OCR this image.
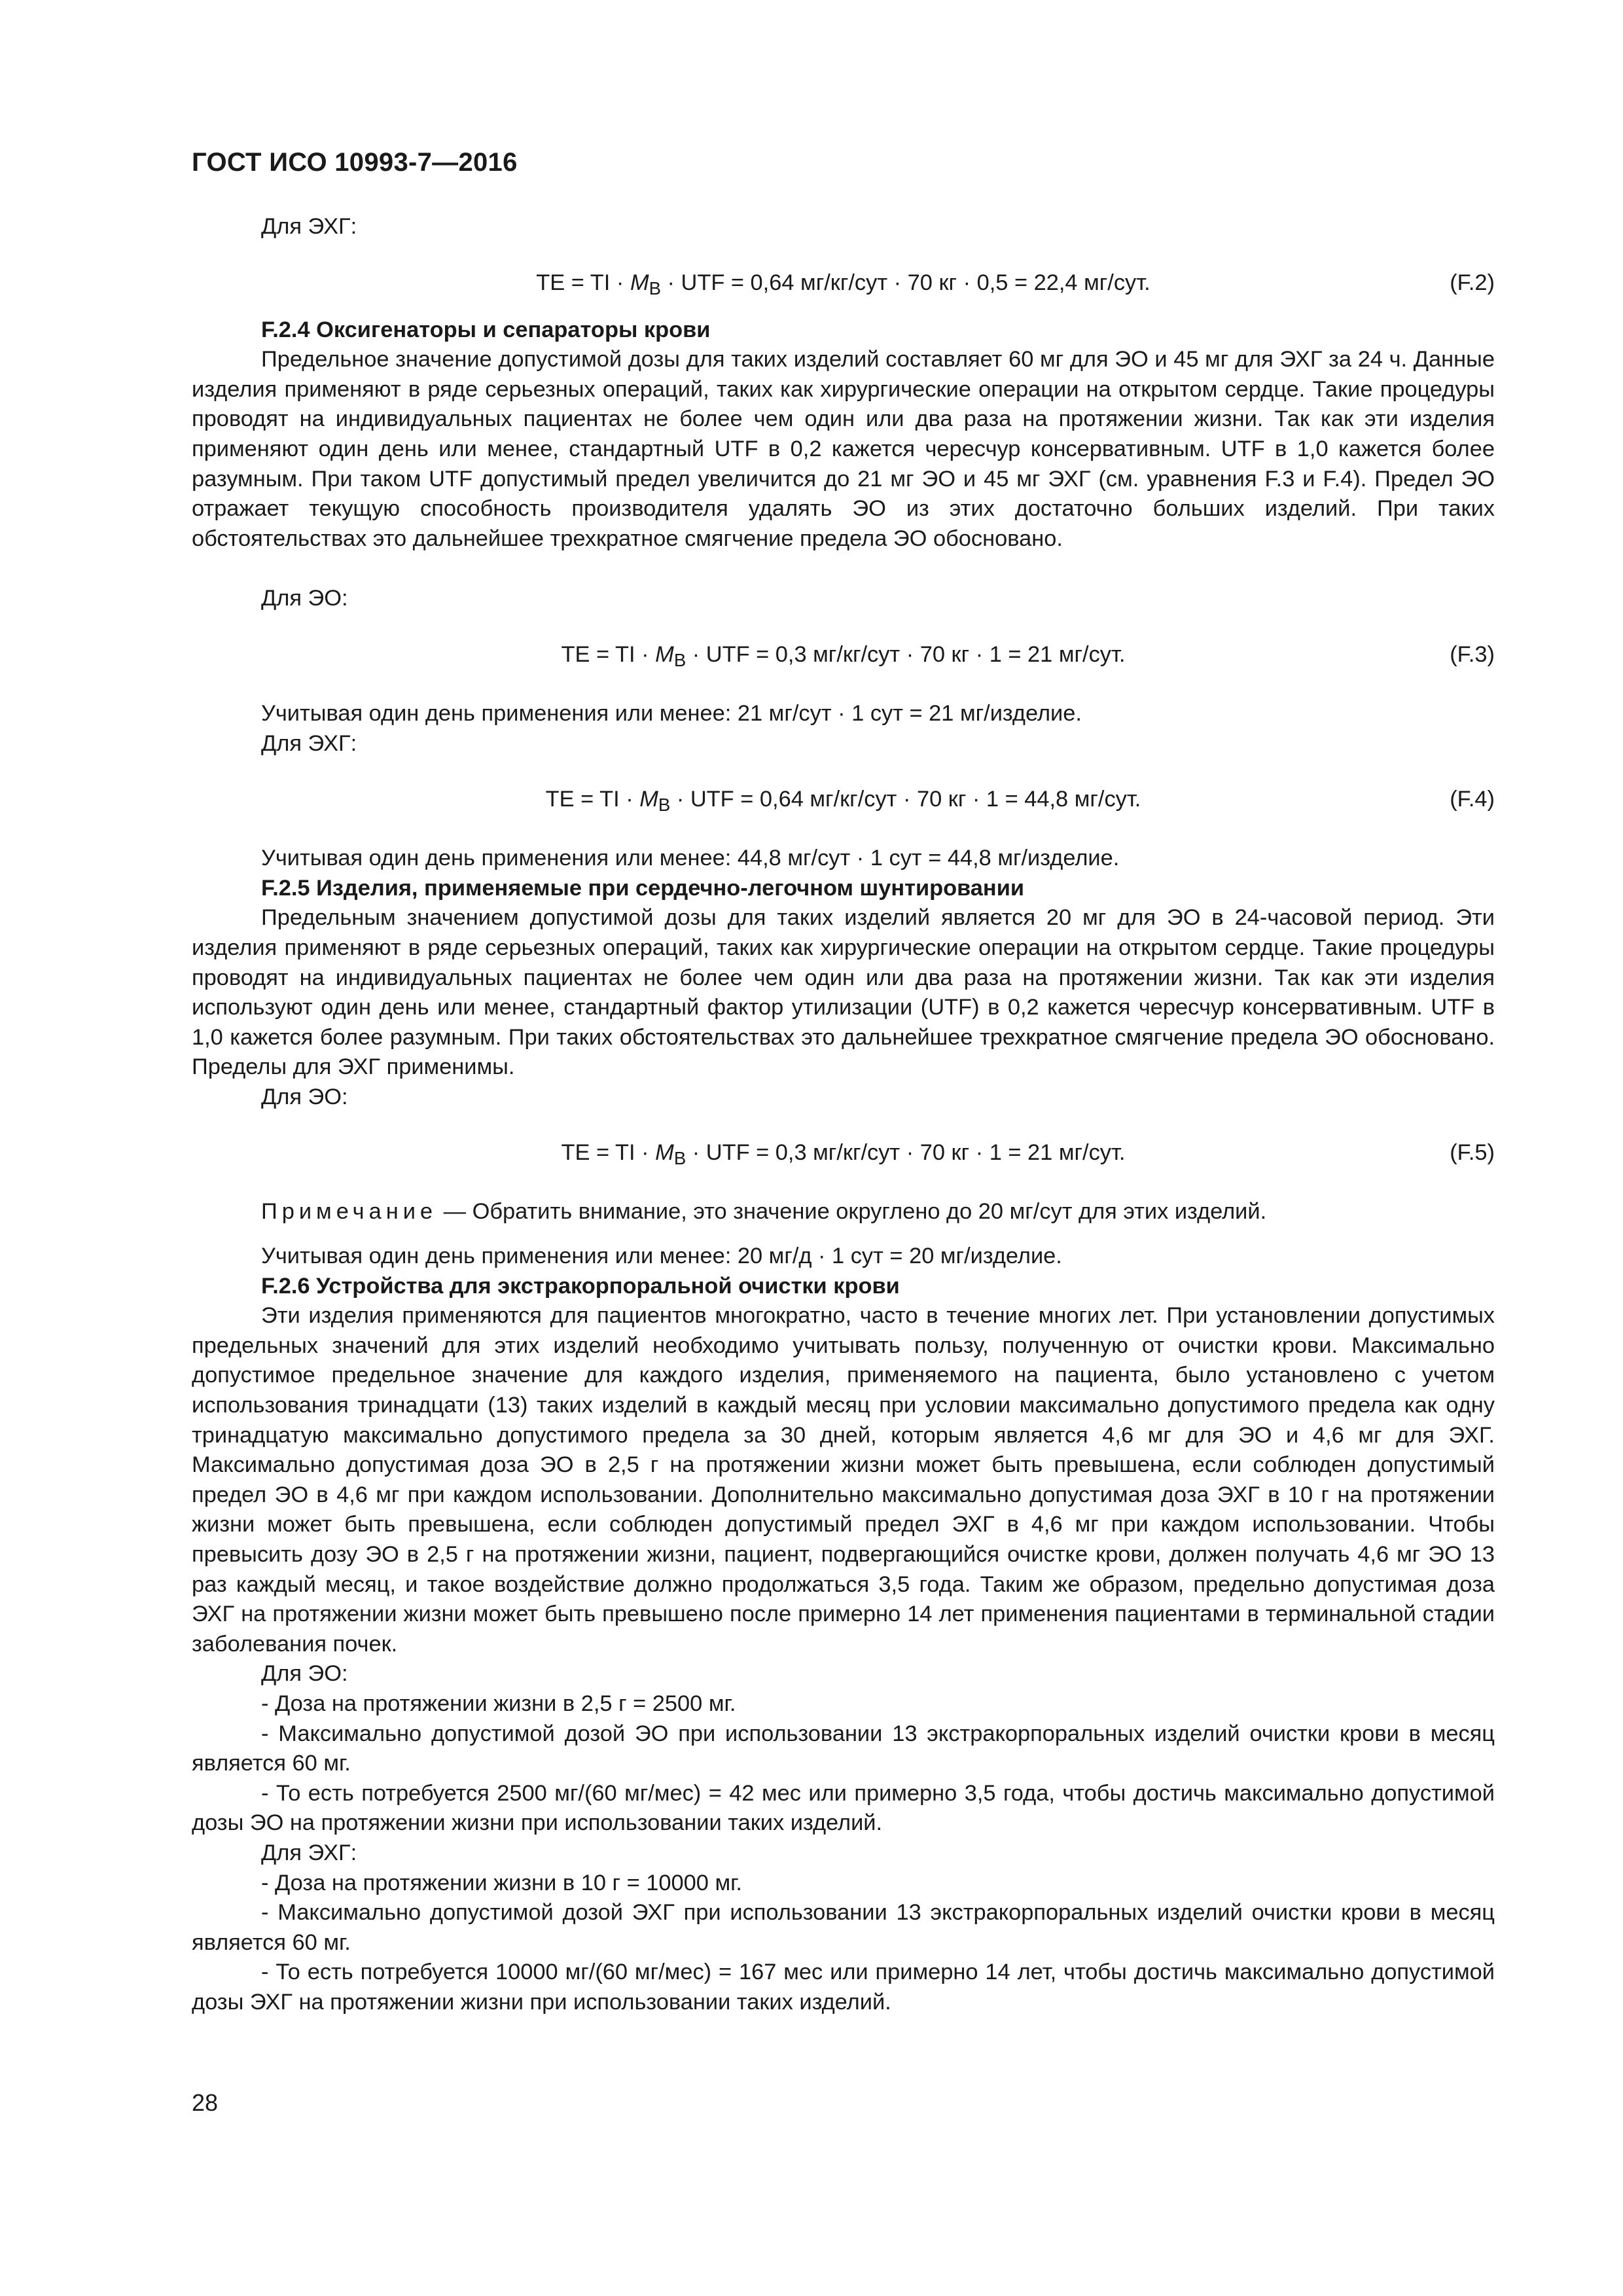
ГОСТ ИСО 10993-7—2016

Для ЭХГ:

TE = TI · $M_B$ · UTF = 0,64 мг/кг/сут · 70 кг · 0,5 = 22,4 мг/сут.	(F.2)

F.2.4 Оксигенаторы и сепараторы крови

Предельное значение допустимой дозы для таких изделий составляет 60 мг для ЭО и 45 мг для ЭХГ за 24 ч. Данные изделия применяют в ряде серьезных операций, таких как хирургические операции на открытом сердце. Такие процедуры проводят на индивидуальных пациентах не более чем один или два раза на протяжении жизни. Так как эти изделия применяют один день или менее, стандартный UTF в 0,2 кажется чересчур консервативным. UTF в 1,0 кажется более разумным. При таком UTF допустимый предел увеличится до 21 мг ЭО и 45 мг ЭХГ (см. уравнения F.3 и F.4). Предел ЭО отражает текущую способность производителя удалять ЭО из этих достаточно больших изделий. При таких обстоятельствах это дальнейшее трехкратное смягчение предела ЭО обосновано.

Для ЭО:

TE = TI · $M_B$ · UTF = 0,3 мг/кг/сут · 70 кг · 1 = 21 мг/сут.	(F.3)

Учитывая один день применения или менее: 21 мг/сут · 1 сут = 21 мг/изделие.

Для ЭХГ:

TE = TI · $M_B$ · UTF = 0,64 мг/кг/сут · 70 кг · 1 = 44,8 мг/сут.	(F.4)

Учитывая один день применения или менее: 44,8 мг/сут · 1 сут = 44,8 мг/изделие.

F.2.5 Изделия, применяемые при сердечно-легочном шунтировании

Предельным значением допустимой дозы для таких изделий является 20 мг для ЭО в 24-часовой период. Эти изделия применяют в ряде серьезных операций, таких как хирургические операции на открытом сердце. Такие процедуры проводят на индивидуальных пациентах не более чем один или два раза на протяжении жизни. Так как эти изделия используют один день или менее, стандартный фактор утилизации (UTF) в 0,2 кажется чересчур консервативным. UTF в 1,0 кажется более разумным. При таких обстоятельствах это дальнейшее трехкратное смягчение предела ЭО обосновано. Пределы для ЭХГ применимы.

Для ЭО:

TE = TI · $M_B$ · UTF = 0,3 мг/кг/сут · 70 кг · 1 = 21 мг/сут.	(F.5)

Примечание — Обратить внимание, это значение округлено до 20 мг/сут для этих изделий.

Учитывая один день применения или менее: 20 мг/д · 1 сут = 20 мг/изделие.

F.2.6 Устройства для экстракорпоральной очистки крови

Эти изделия применяются для пациентов многократно, часто в течение многих лет. При установлении допустимых предельных значений для этих изделий необходимо учитывать пользу, полученную от очистки крови. Максимально допустимое предельное значение для каждого изделия, применяемого на пациента, было установлено с учетом использования тринадцати (13) таких изделий в каждый месяц при условии максимально допустимого предела как одну тринадцатую максимально допустимого предела за 30 дней, которым является 4,6 мг для ЭО и 4,6 мг для ЭХГ. Максимально допустимая доза ЭО в 2,5 г на протяжении жизни может быть превышена, если соблюден допустимый предел ЭО в 4,6 мг при каждом использовании. Дополнительно максимально допустимая доза ЭХГ в 10 г на протяжении жизни может быть превышена, если соблюден допустимый предел ЭХГ в 4,6 мг при каждом использовании. Чтобы превысить дозу ЭО в 2,5 г на протяжении жизни, пациент, подвергающийся очистке крови, должен получать 4,6 мг ЭО 13 раз каждый месяц, и такое воздействие должно продолжаться 3,5 года. Таким же образом, предельно допустимая доза ЭХГ на протяжении жизни может быть превышено после примерно 14 лет применения пациентами в терминальной стадии заболевания почек.

Для ЭО:

- Доза на протяжении жизни в 2,5 г = 2500 мг.

- Максимально допустимой дозой ЭО при использовании 13 экстракорпоральных изделий очистки крови в месяц является 60 мг.

- То есть потребуется 2500 мг/(60 мг/мес) = 42 мес или примерно 3,5 года, чтобы достичь максимально допустимой дозы ЭО на протяжении жизни при использовании таких изделий.

Для ЭХГ:

- Доза на протяжении жизни в 10 г = 10000 мг.

- Максимально допустимой дозой ЭХГ при использовании 13 экстракорпоральных изделий очистки крови в месяц является 60 мг.

- То есть потребуется 10000 мг/(60 мг/мес) = 167 мес или примерно 14 лет, чтобы достичь максимально допустимой дозы ЭХГ на протяжении жизни при использовании таких изделий.

28
